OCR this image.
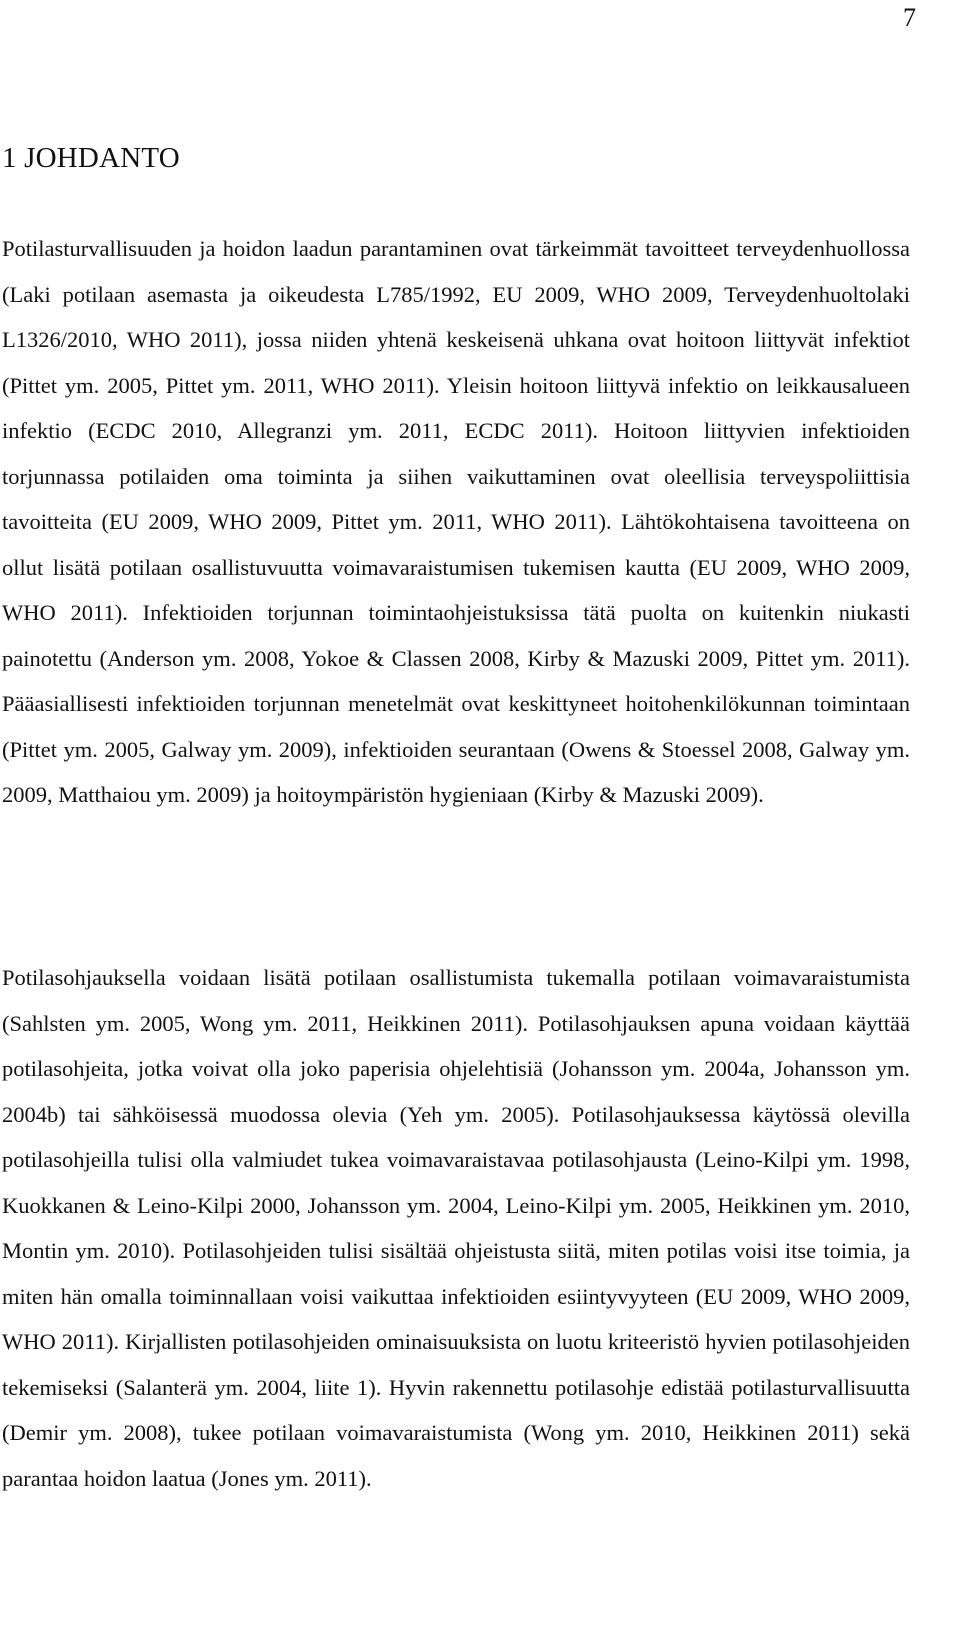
7
1 JOHDANTO

Potilasturvallisuuden ja hoidon laadun parantaminen ovat tärkeimmät tavoitteet terveydenhuollossa (Laki potilaan asemasta ja oikeudesta L785/1992, EU 2009, WHO 2009, Terveydenhuoltolaki L1326/2010, WHO 2011), jossa niiden yhtenä keskeisenä uhkana ovat hoitoon liittyvät infektiot (Pittet ym. 2005, Pittet ym. 2011, WHO 2011). Yleisin hoitoon liittyvä infektio on leikkausalueen infektio (ECDC 2010, Allegranzi ym. 2011, ECDC 2011). Hoitoon liittyvien infektioiden torjunnassa potilaiden oma toiminta ja siihen vaikuttaminen ovat oleellisia terveyspoliittisia tavoitteita (EU 2009, WHO 2009, Pittet ym. 2011, WHO 2011). Lähtökohtaisena tavoitteena on ollut lisätä potilaan osallistuvuutta voimavaraistumisen tukemisen kautta (EU 2009, WHO 2009, WHO 2011). Infektioiden torjunnan toimintaohjeistuksissa tätä puolta on kuitenkin niukasti painotettu (Anderson ym. 2008, Yokoe & Classen 2008, Kirby & Mazuski 2009, Pittet ym. 2011). Pääasiallisesti infektioiden torjunnan menetelmät ovat keskittyneet hoitohenkilökunnan toimintaan (Pittet ym. 2005, Galway ym. 2009), infektioiden seurantaan (Owens & Stoessel 2008, Galway ym. 2009, Matthaiou ym. 2009) ja hoitoympäristön hygieniaan (Kirby & Mazuski 2009).

Potilasohjauksella voidaan lisätä potilaan osallistumista tukemalla potilaan voimavaraistumista (Sahlsten ym. 2005, Wong ym. 2011, Heikkinen 2011). Potilasohjauksen apuna voidaan käyttää potilasohjeita, jotka voivat olla joko paperisia ohjelehtisiä (Johansson ym. 2004a, Johansson ym. 2004b) tai sähköisessä muodossa olevia (Yeh ym. 2005). Potilasohjauksessa käytössä olevilla potilasohjeilla tulisi olla valmiudet tukea voimavaraistavaa potilasohjausta (Leino-Kilpi ym. 1998, Kuokkanen & Leino-Kilpi 2000, Johansson ym. 2004, Leino-Kilpi ym. 2005, Heikkinen ym. 2010, Montin ym. 2010). Potilasohjeiden tulisi sisältää ohjeistusta siitä, miten potilas voisi itse toimia, ja miten hän omalla toiminnallaan voisi vaikuttaa infektioiden esiintyvyyteen (EU 2009, WHO 2009, WHO 2011). Kirjallisten potilasohjeiden ominaisuuksista on luotu kriteeristö hyvien potilasohjeiden tekemiseksi (Salanterä ym. 2004, liite 1). Hyvin rakennettu potilasohje edistää potilasturvallisuutta (Demir ym. 2008), tukee potilaan voimavaraistumista (Wong ym. 2010, Heikkinen 2011) sekä parantaa hoidon laatua (Jones ym. 2011).
